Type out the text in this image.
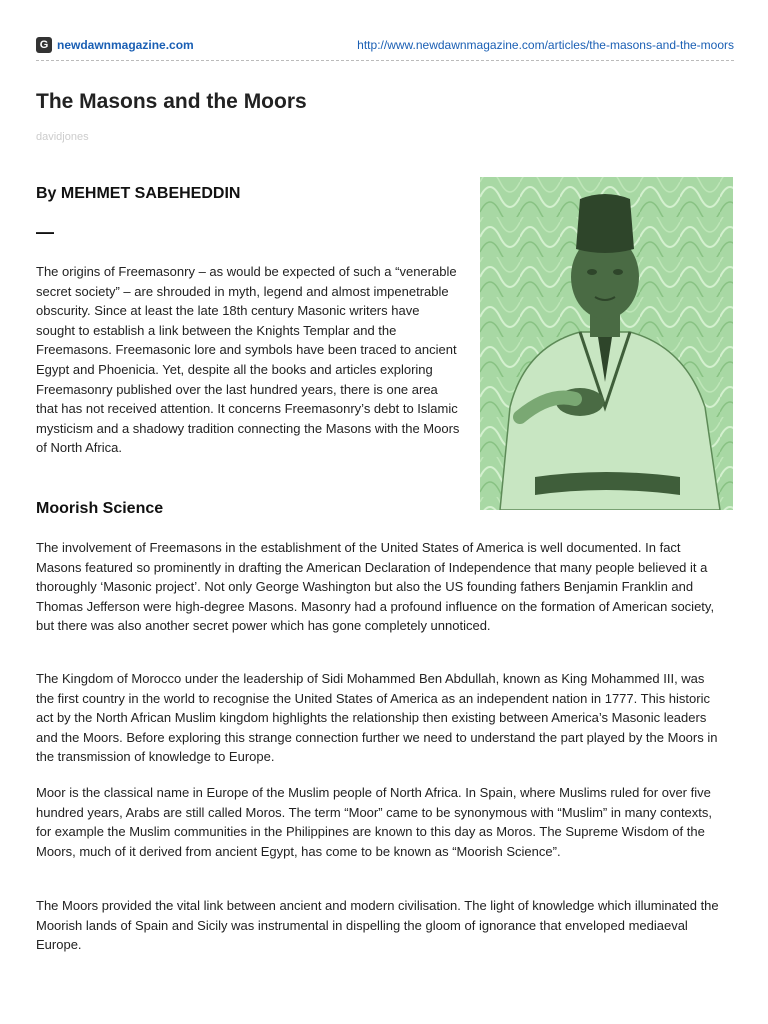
G newdawnmagazine.com	http://www.newdawnmagazine.com/articles/the-masons-and-the-moors
The Masons and the Moors
davidjones
By MEHMET SABEHEDDIN
—

The origins of Freemasonry – as would be expected of such a “venerable secret society” – are shrouded in myth, legend and almost impenetrable obscurity. Since at least the late 18th century Masonic writers have sought to establish a link between the Knights Templar and the Freemasons. Freemasonic lore and symbols have been traced to ancient Egypt and Phoenicia. Yet, despite all the books and articles exploring Freemasonry published over the last hundred years, there is one area that has not received attention. It concerns Freemasonry’s debt to Islamic mysticism and a shadowy tradition connecting the Masons with the Moors of North Africa.

Moorish Science

The involvement of Freemasons in the establishment of the United States of America is well documented. In fact Masons featured so prominently in drafting the American Declaration of Independence that many people believed it a thoroughly ‘Masonic project’. Not only George Washington but also the US founding fathers Benjamin Franklin and Thomas Jefferson were high-degree Masons. Masonry had a profound influence on the formation of American society, but there was also another secret power which has gone completely unnoticed.

The Kingdom of Morocco under the leadership of Sidi Mohammed Ben Abdullah, known as King Mohammed III, was the first country in the world to recognise the United States of America as an independent nation in 1777. This historic act by the North African Muslim kingdom highlights the relationship then existing between America’s Masonic leaders and the Moors. Before exploring this strange connection further we need to understand the part played by the Moors in the transmission of knowledge to Europe.

Moor is the classical name in Europe of the Muslim people of North Africa. In Spain, where Muslims ruled for over five hundred years, Arabs are still called Moros. The term “Moor” came to be synonymous with “Muslim” in many contexts, for example the Muslim communities in the Philippines are known to this day as Moros. The Supreme Wisdom of the Moors, much of it derived from ancient Egypt, has come to be known as “Moorish Science”.

The Moors provided the vital link between ancient and modern civilisation. The light of knowledge which illuminated the Moorish lands of Spain and Sicily was instrumental in dispelling the gloom of ignorance that enveloped mediaeval Europe.
